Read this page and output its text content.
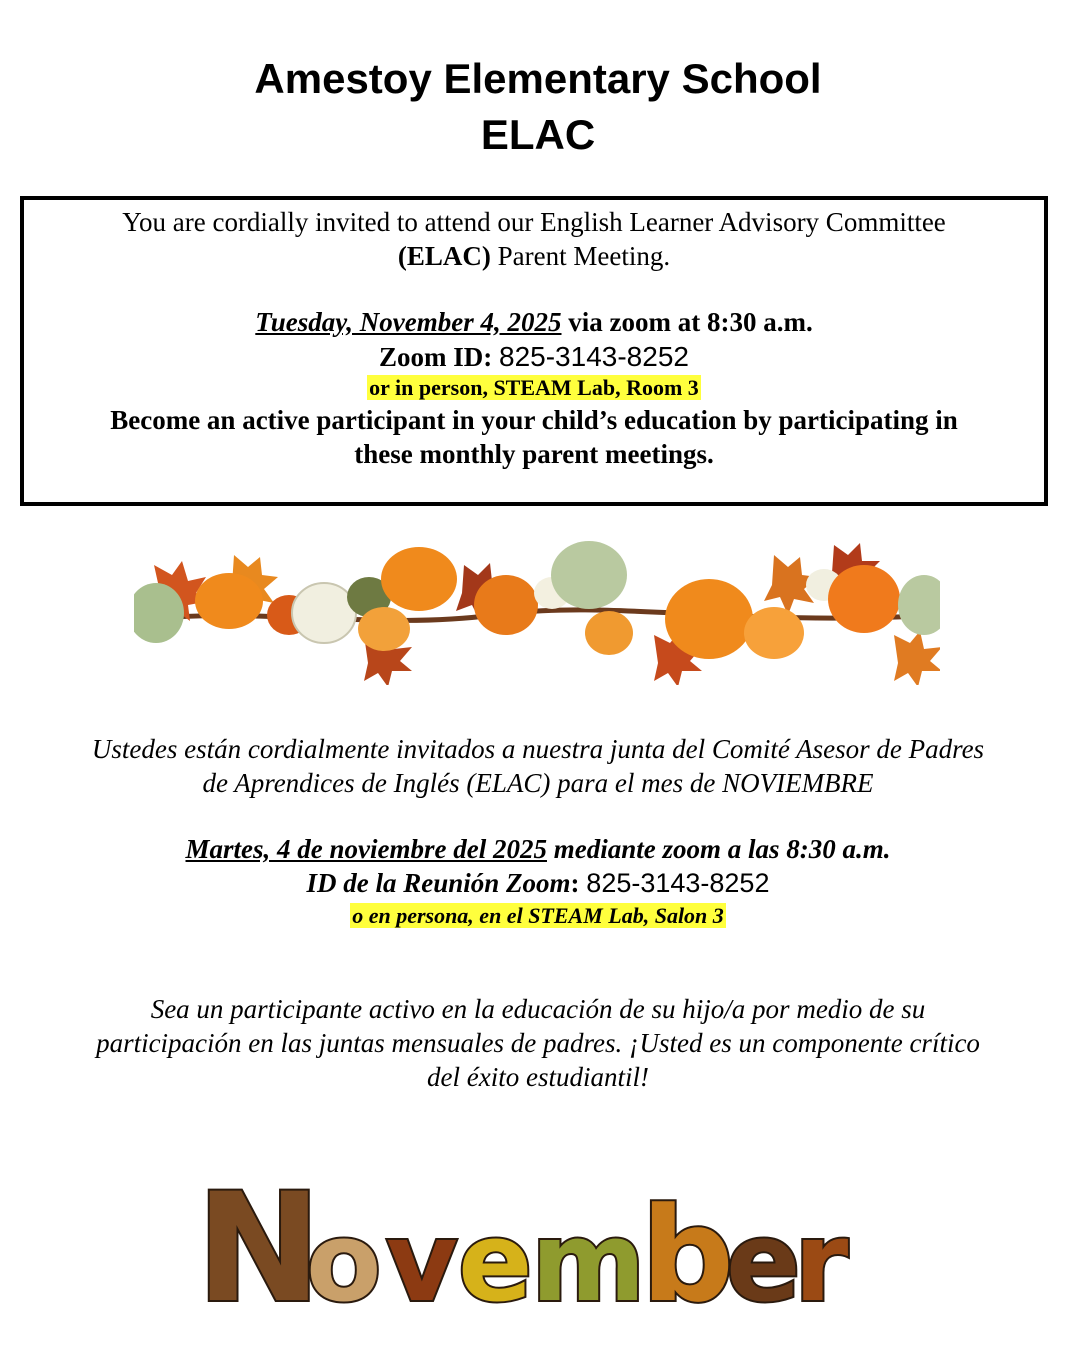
Amestoy Elementary School
ELAC
You are cordially invited to attend our English Learner Advisory Committee
(ELAC) Parent Meeting.
Tuesday, November 4, 2025 via zoom at 8:30 a.m.
Zoom ID: 825-3143-8252
or in person, STEAM Lab, Room 3
Become an active participant in your child’s education by participating in
these monthly parent meetings.
Ustedes están cordialmente invitados a nuestra junta del Comité Asesor de Padres
de Aprendices de Inglés (ELAC) para el mes de NOVIEMBRE
Martes, 4 de noviembre del 2025 mediante zoom a las 8:30 a.m.
ID de la Reunión Zoom: 825-3143-8252
o en persona, en el STEAM Lab, Salon 3
Sea un participante activo en la educación de su hijo/a por medio de su
participación en las juntas mensuales de padres. ¡Usted es un componente crítico
del éxito estudiantil!
N
o v e
m
b
e
r
